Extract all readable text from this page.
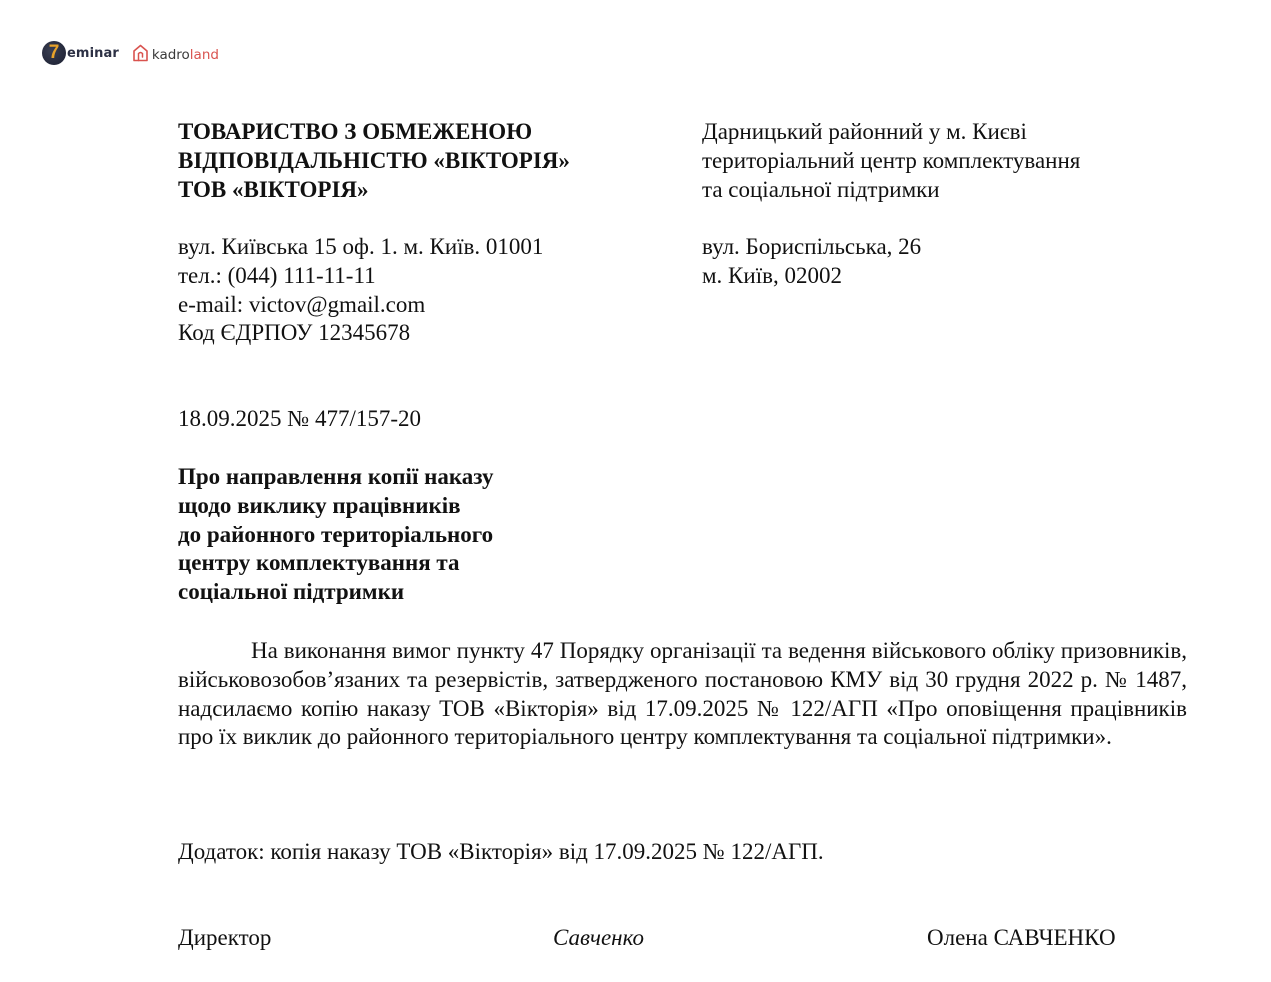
7 eminar kadroland
ТОВАРИСТВО З ОБМЕЖЕНОЮ
ВІДПОВІДАЛЬНІСТЮ «ВІКТОРІЯ»
ТОВ «ВІКТОРІЯ»
Дарницький районний у м. Києві
територіальний центр комплектування
та соціальної підтримки
вул. Київська 15 оф. 1. м. Київ. 01001
тел.: (044) 111-11-11
e-mail: victov@gmail.com
Код ЄДРПОУ 12345678
вул. Бориспільська, 26
м. Київ, 02002
18.09.2025 № 477/157-20
Про направлення копії наказу
щодо виклику працівників
до районного територіального
центру комплектування та
соціальної підтримки
На виконання вимог пункту 47 Порядку організації та ведення військового обліку призовників, військовозобов’язаних та резервістів, затвердженого постановою КМУ від 30 грудня 2022 р. № 1487, надсилаємо копію наказу ТОВ «Вікторія» від 17.09.2025 № 122/АГП «Про оповіщення працівників про їх виклик до районного територіального центру комплектування та соціальної підтримки».
Додаток: копія наказу ТОВ «Вікторія» від 17.09.2025 № 122/АГП.
Директор	Савченко	Олена САВЧЕНКО
